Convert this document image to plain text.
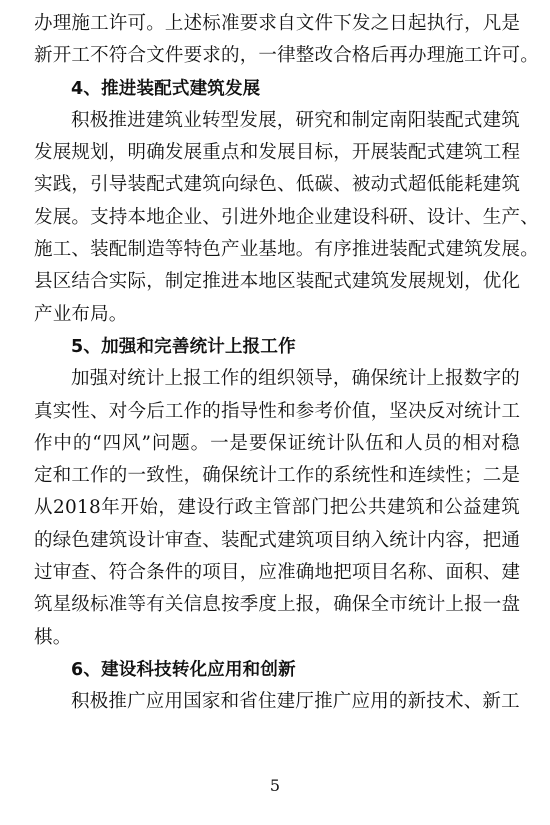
办理施工许可。上述标准要求自文件下发之日起执行，凡是
新开工不符合文件要求的，一律整改合格后再办理施工许可。
4、推进装配式建筑发展
积极推进建筑业转型发展，研究和制定南阳装配式建筑
发展规划，明确发展重点和发展目标，开展装配式建筑工程
实践，引导装配式建筑向绿色、低碳、被动式超低能耗建筑
发展。支持本地企业、引进外地企业建设科研、设计、生产、
施工、装配制造等特色产业基地。有序推进装配式建筑发展。
县区结合实际，制定推进本地区装配式建筑发展规划，优化
产业布局。
5、加强和完善统计上报工作
加强对统计上报工作的组织领导，确保统计上报数字的
真实性、对今后工作的指导性和参考价值，坚决反对统计工
作中的“四风”问题。一是要保证统计队伍和人员的相对稳
定和工作的一致性，确保统计工作的系统性和连续性；二是
从2018年开始，建设行政主管部门把公共建筑和公益建筑
的绿色建筑设计审查、装配式建筑项目纳入统计内容，把通
过审查、符合条件的项目，应准确地把项目名称、面积、建
筑星级标准等有关信息按季度上报，确保全市统计上报一盘
棋。
6、建设科技转化应用和创新
积极推广应用国家和省住建厅推广应用的新技术、新工
5
